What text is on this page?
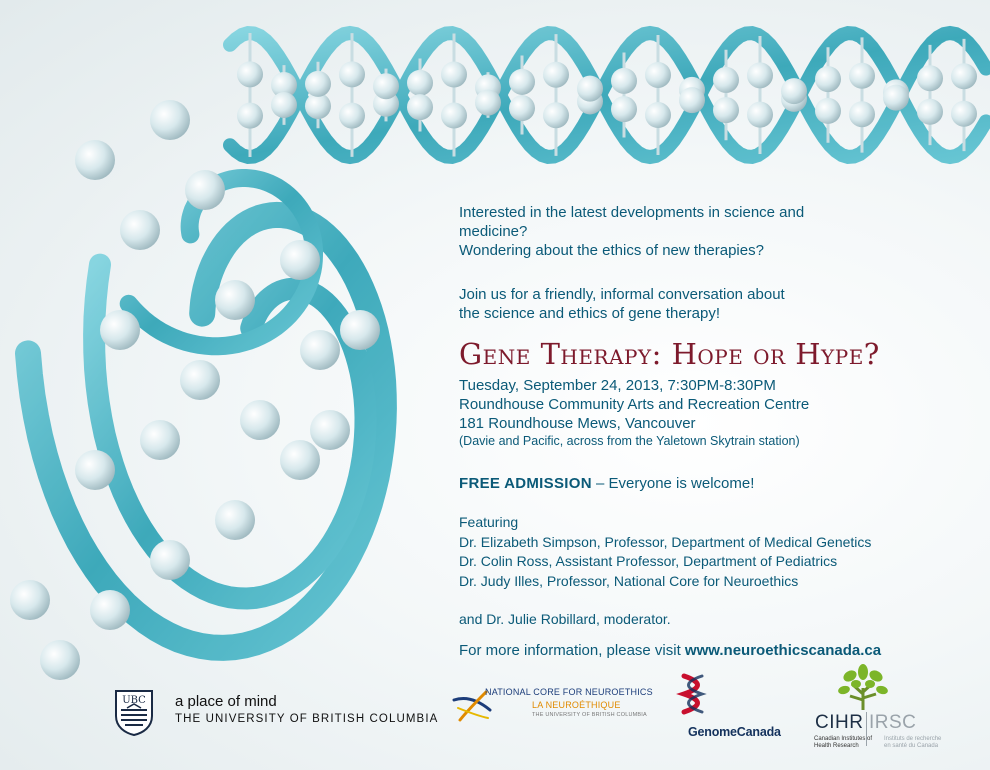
Interested in the latest developments in science and
medicine?
Wondering about the ethics of new therapies?
Join us for a friendly, informal conversation about
the science and ethics of gene therapy!
Gene Therapy: Hope or Hype?
Tuesday, September 24, 2013, 7:30PM-8:30PM
Roundhouse Community Arts and Recreation Centre
181 Roundhouse Mews, Vancouver
(Davie and Pacific, across from the Yaletown Skytrain station)
FREE ADMISSION – Everyone is welcome!
Featuring
Dr. Elizabeth Simpson, Professor, Department of Medical Genetics
Dr. Colin Ross, Assistant Professor, Department of Pediatrics
Dr. Judy Illes, Professor, National Core for Neuroethics
and Dr. Julie Robillard, moderator.
For more information, please visit www.neuroethicscanada.ca
UBC a place of mind
THE UNIVERSITY OF BRITISH COLUMBIA
NATIONAL CORE FOR NEUROETHICS
LA NEUROÉTHIQUE
THE UNIVERSITY OF BRITISH COLUMBIA
GenomeCanada CIHR IRSC
Canadian Institutes of Health Research
Instituts de recherche en santé du Canada
